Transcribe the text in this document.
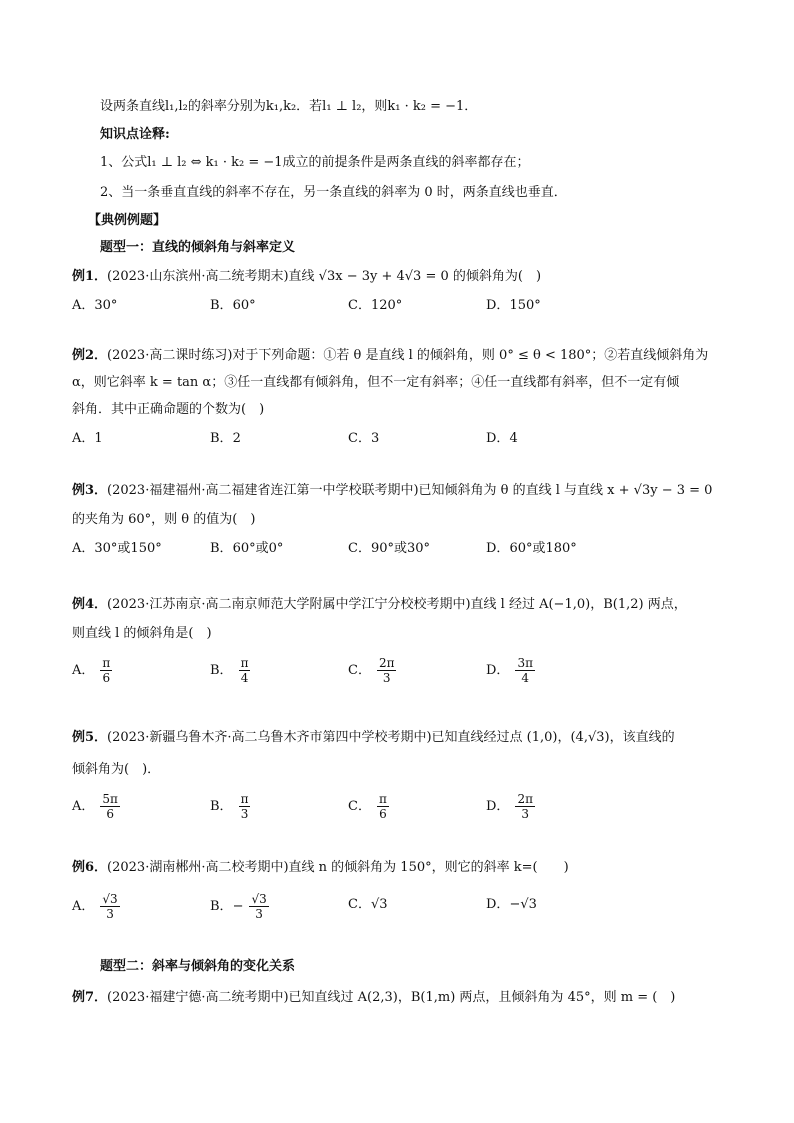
设两条直线l₁,l₂的斜率分别为k₁,k₂．若l₁ ⊥ l₂，则k₁ · k₂ = −1．
知识点诠释:
1、公式l₁ ⊥ l₂ ⇔ k₁ · k₂ = −1成立的前提条件是两条直线的斜率都存在；
2、当一条垂直直线的斜率不存在，另一条直线的斜率为 0 时，两条直线也垂直．
【典例例题】
题型一：直线的倾斜角与斜率定义
例1．(2023·山东滨州·高二统考期末)直线 √3x − 3y + 4√3 = 0 的倾斜角为(　)
A．30°	B．60°	C．120°	D．150°
例2．(2023·高二课时练习)对于下列命题：①若 θ 是直线 l 的倾斜角，则 0° ≤ θ < 180°；②若直线倾斜角为
α，则它斜率 k = tan α；③任一直线都有倾斜角，但不一定有斜率；④任一直线都有斜率，但不一定有倾
斜角．其中正确命题的个数为(　)
A．1	B．2	C．3	D．4
例3．(2023·福建福州·高二福建省连江第一中学校联考期中)已知倾斜角为 θ 的直线 l 与直线 x + √3y − 3 = 0
的夹角为 60°，则 θ 的值为(　)
A．30°或150°	B．60°或0°	C．90°或30°	D．60°或180°
例4．(2023·江苏南京·高二南京师范大学附属中学江宁分校校考期中)直线 l 经过 A(−1,0)，B(1,2) 两点，
则直线 l 的倾斜角是(　)
A． $\frac{\pi}{6}$	B． $\frac{\pi}{4}$	C． $\frac{2\pi}{3}$	D． $\frac{3\pi}{4}$
例5．(2023·新疆乌鲁木齐·高二乌鲁木齐市第四中学校考期中)已知直线经过点 (1,0)，(4,√3)，该直线的
倾斜角为(　)．
A． $\frac{5\pi}{6}$	B． $\frac{\pi}{3}$	C． $\frac{\pi}{6}$	D． $\frac{2\pi}{3}$
例6．(2023·湖南郴州·高二校考期中)直线 n 的倾斜角为 150°，则它的斜率 k=(　　)
A． $\frac{√3}{3}$	B．− $\frac{√3}{3}$	C．√3	D．−√3
题型二：斜率与倾斜角的变化关系
例7．(2023·福建宁德·高二统考期中)已知直线过 A(2,3)，B(1,m) 两点，且倾斜角为 45°，则 m = (　)
